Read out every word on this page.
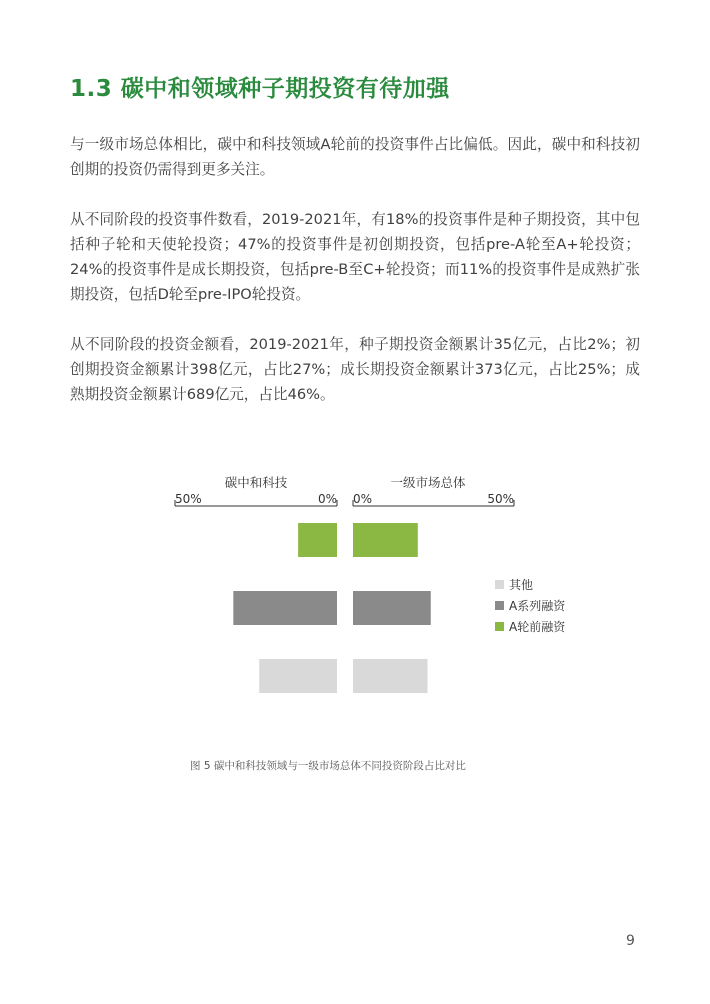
1.3 碳中和领域种子期投资有待加强

与一级市场总体相比，碳中和科技领域A轮前的投资事件占比偏低。因此，碳中和科技初创期的投资仍需得到更多关注。

从不同阶段的投资事件数看，2019-2021年，有18%的投资事件是种子期投资，其中包括种子轮和天使轮投资；47%的投资事件是初创期投资，包括pre-A轮至A+轮投资；24%的投资事件是成长期投资，包括pre-B至C+轮投资；而11%的投资事件是成熟扩张期投资，包括D轮至pre-IPO轮投资。

从不同阶段的投资金额看，2019-2021年，种子期投资金额累计35亿元，占比2%；初创期投资金额累计398亿元，占比27%；成长期投资金额累计373亿元，占比25%；成熟期投资金额累计689亿元，占比46%。

碳中和科技	一级市场总体
50%	0% 0%	50%
其他
A系列融资
A轮前融资

图 5 碳中和科技领域与一级市场总体不同投资阶段占比对比

9
